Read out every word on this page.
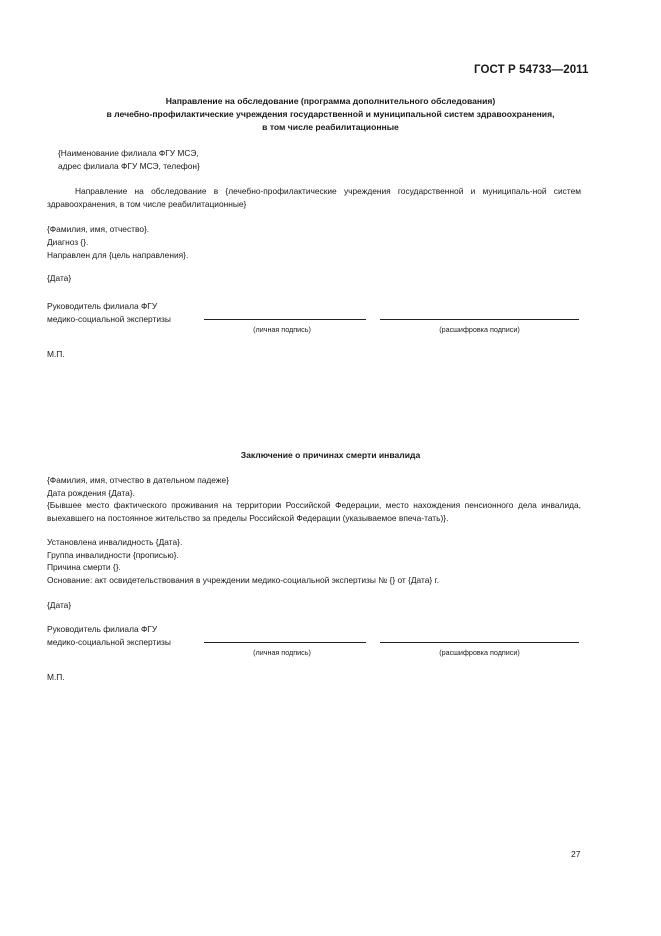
ГОСТ Р 54733—2011
Направление на обследование (программа дополнительного обследования)
в лечебно-профилактические учреждения государственной и муниципальной систем здравоохранения,
в том числе реабилитационные
{Наименование филиала ФГУ МСЭ,
адрес филиала ФГУ МСЭ, телефон}
Направление на обследование в {лечебно-профилактические учреждения государственной и муниципаль-ной систем здравоохранения, в том числе реабилитационные}
{Фамилия, имя, отчество}.
Диагноз {}.
Направлен для {цель направления}.
{Дата}
Руководитель филиала ФГУ
медико-социальной экспертизы
(личная подпись)	(расшифровка подписи)
М.П.
Заключение о причинах смерти инвалида
{Фамилия, имя, отчество в дательном падеже}
Дата рождения {Дата}.
{Бывшее место фактического проживания на территории Российской Федерации, место нахождения пенсионного дела инвалида, выехавшего на постоянное жительство за пределы Российской Федерации (указываемое впеча-тать)}.
Установлена инвалидность {Дата}.
Группа инвалидности {прописью}.
Причина смерти {}.
Основание: акт освидетельствования в учреждении медико-социальной экспертизы № {} от {Дата} г.
{Дата}
Руководитель филиала ФГУ
медико-социальной экспертизы
(личная подпись)	(расшифровка подписи)
М.П.
27
